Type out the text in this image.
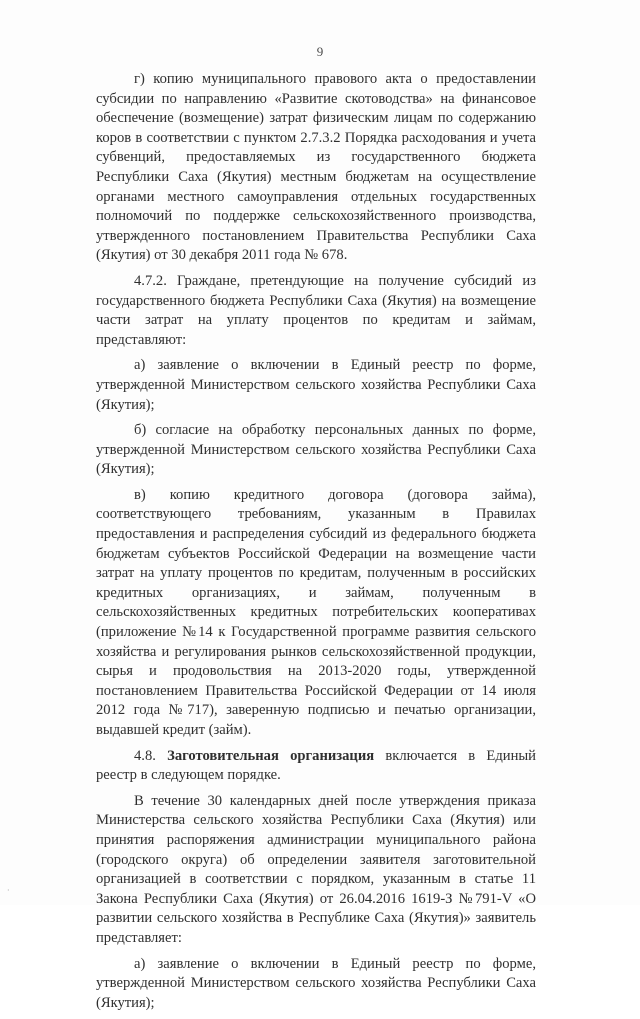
9

г) копию муниципального правового акта о предоставлении субсидии по направлению «Развитие скотоводства» на финансовое обеспечение (возмещение) затрат физическим лицам по содержанию коров в соответствии с пунктом 2.7.3.2 Порядка расходования и учета субвенций, предоставляемых из государственного бюджета Республики Саха (Якутия) местным бюджетам на осуществление органами местного самоуправления отдельных государственных полномочий по поддержке сельскохозяйственного производства, утвержденного постановлением Правительства Республики Саха (Якутия) от 30 декабря 2011 года № 678.

4.7.2. Граждане, претендующие на получение субсидий из государственного бюджета Республики Саха (Якутия) на возмещение части затрат на уплату процентов по кредитам и займам, представляют:

а) заявление о включении в Единый реестр по форме, утвержденной Министерством сельского хозяйства Республики Саха (Якутия);

б) согласие на обработку персональных данных по форме, утвержденной Министерством сельского хозяйства Республики Саха (Якутия);

в) копию кредитного договора (договора займа), соответствующего требованиям, указанным в Правилах предоставления и распределения субсидий из федерального бюджета бюджетам субъектов Российской Федерации на возмещение части затрат на уплату процентов по кредитам, полученным в российских кредитных организациях, и займам, полученным в сельскохозяйственных кредитных потребительских кооперативах (приложение №14 к Государственной программе развития сельского хозяйства и регулирования рынков сельскохозяйственной продукции, сырья и продовольствия на 2013-2020 годы, утвержденной постановлением Правительства Российской Федерации от 14 июля 2012 года №717), заверенную подписью и печатью организации, выдавшей кредит (займ).

4.8. Заготовительная организация включается в Единый реестр в следующем порядке.

В течение 30 календарных дней после утверждения приказа Министерства сельского хозяйства Республики Саха (Якутия) или принятия распоряжения администрации муниципального района (городского округа) об определении заявителя заготовительной организацией в соответствии с порядком, указанным в статье 11 Закона Республики Саха (Якутия) от 26.04.2016 1619-З №791-V «О развитии сельского хозяйства в Республике Саха (Якутия)» заявитель представляет:

а) заявление о включении в Единый реестр по форме, утвержденной Министерством сельского хозяйства Республики Саха (Якутия);

·
